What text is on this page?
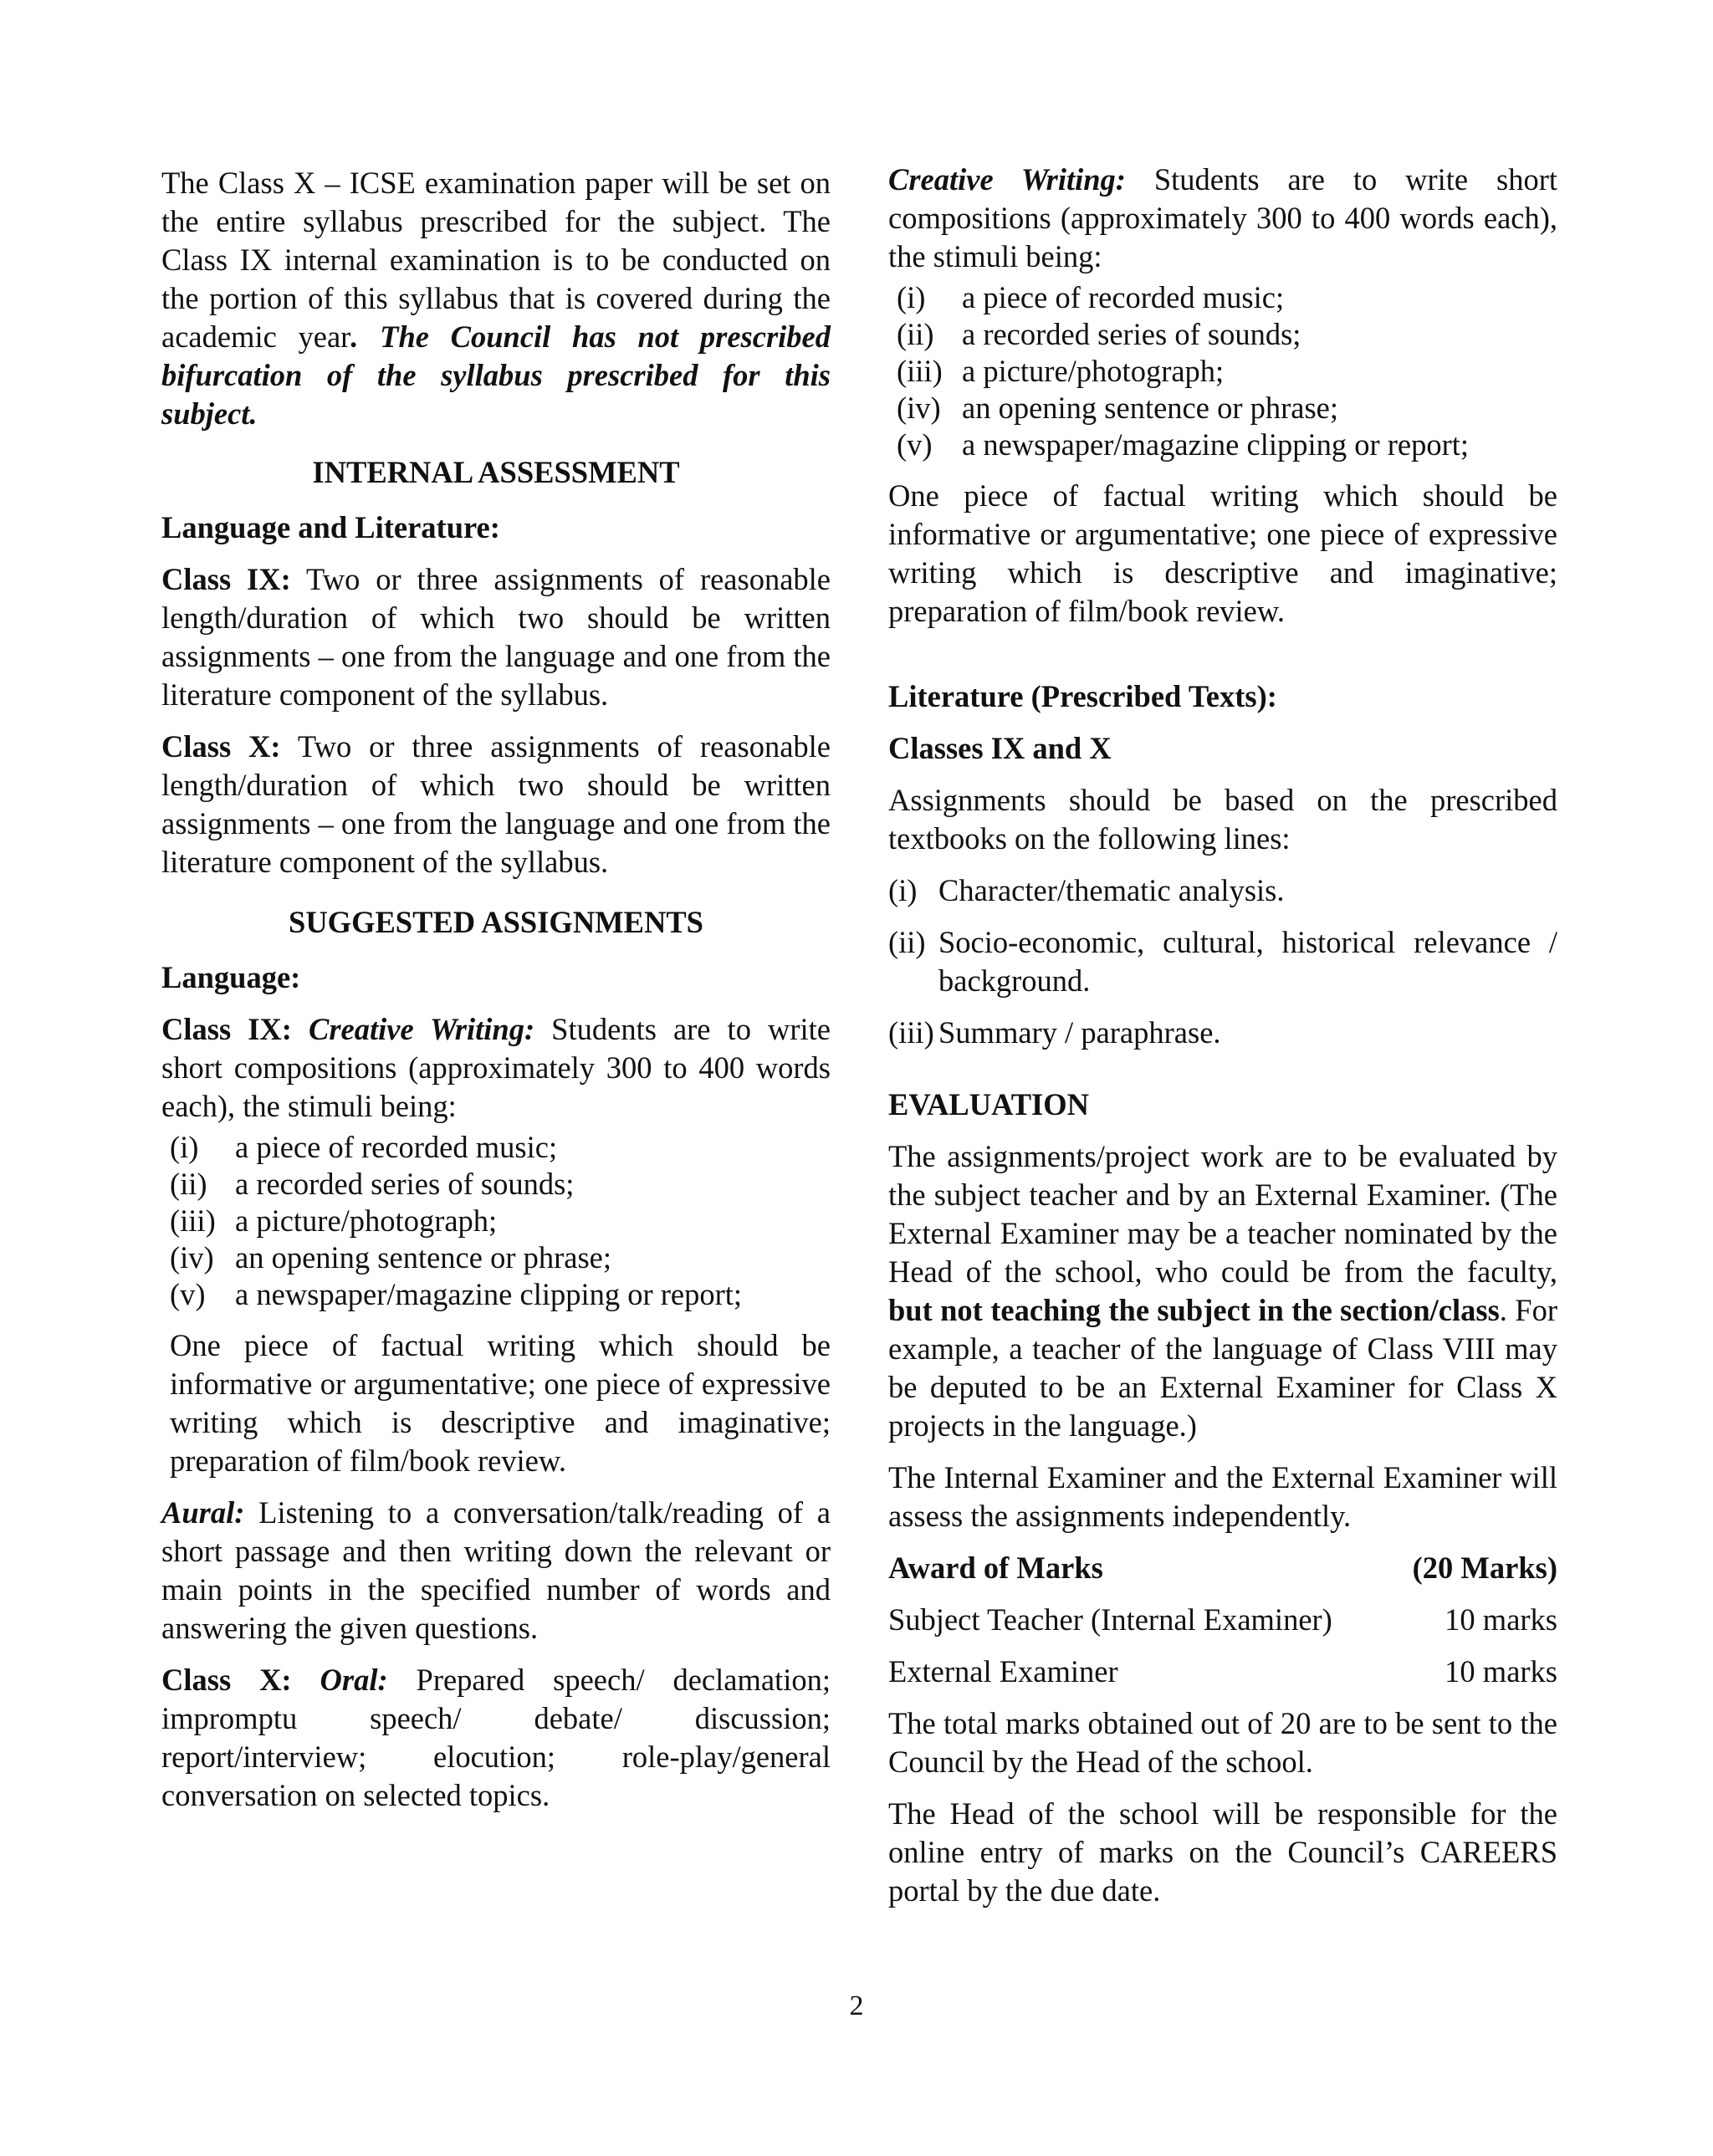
The Class X – ICSE examination paper will be set on the entire syllabus prescribed for the subject. The Class IX internal examination is to be conducted on the portion of this syllabus that is covered during the academic year. The Council has not prescribed bifurcation of the syllabus prescribed for this subject.

INTERNAL ASSESSMENT
Language and Literature:

Class IX: Two or three assignments of reasonable length/duration of which two should be written assignments – one from the language and one from the literature component of the syllabus.

Class X: Two or three assignments of reasonable length/duration of which two should be written assignments – one from the language and one from the literature component of the syllabus.

SUGGESTED ASSIGNMENTS
Language:

Class IX: Creative Writing: Students are to write short compositions (approximately 300 to 400 words each), the stimuli being:

(i)	a piece of recorded music;
(ii) a recorded series of sounds;
(iii) a picture/photograph;
(iv) an opening sentence or phrase;
(v) a newspaper/magazine clipping or report;

One piece of factual writing which should be informative or argumentative; one piece of expressive writing which is descriptive and imaginative; preparation of film/book review.

Aural: Listening to a conversation/talk/reading of a short passage and then writing down the relevant or main points in the specified number of words and answering the given questions.

Class X: Oral: Prepared speech/ declamation; impromptu speech/ debate/ discussion; report/interview; elocution; role-play/general conversation on selected topics.

Creative Writing: Students are to write short compositions (approximately 300 to 400 words each), the stimuli being:

(i)	a piece of recorded music;
(ii) a recorded series of sounds;
(iii) a picture/photograph;
(iv) an opening sentence or phrase;
(v) a newspaper/magazine clipping or report;

One piece of factual writing which should be informative or argumentative; one piece of expressive writing which is descriptive and imaginative; preparation of film/book review.

Literature (Prescribed Texts):
Classes IX and X

Assignments should be based on the prescribed textbooks on the following lines:

(i) Character/thematic analysis.
(ii) Socio-economic, cultural, historical relevance / background.
(iii) Summary / paraphrase.
EVALUATION

The assignments/project work are to be evaluated by the subject teacher and by an External Examiner. (The External Examiner may be a teacher nominated by the Head of the school, who could be from the faculty, but not teaching the subject in the section/class. For example, a teacher of the language of Class VIII may be deputed to be an External Examiner for Class X projects in the language.)

The Internal Examiner and the External Examiner will assess the assignments independently.

Award of Marks	(20 Marks)
Subject Teacher (Internal Examiner)	10 marks
External Examiner	10 marks

The total marks obtained out of 20 are to be sent to the Council by the Head of the school.

The Head of the school will be responsible for the online entry of marks on the Council’s CAREERS portal by the due date.

2
